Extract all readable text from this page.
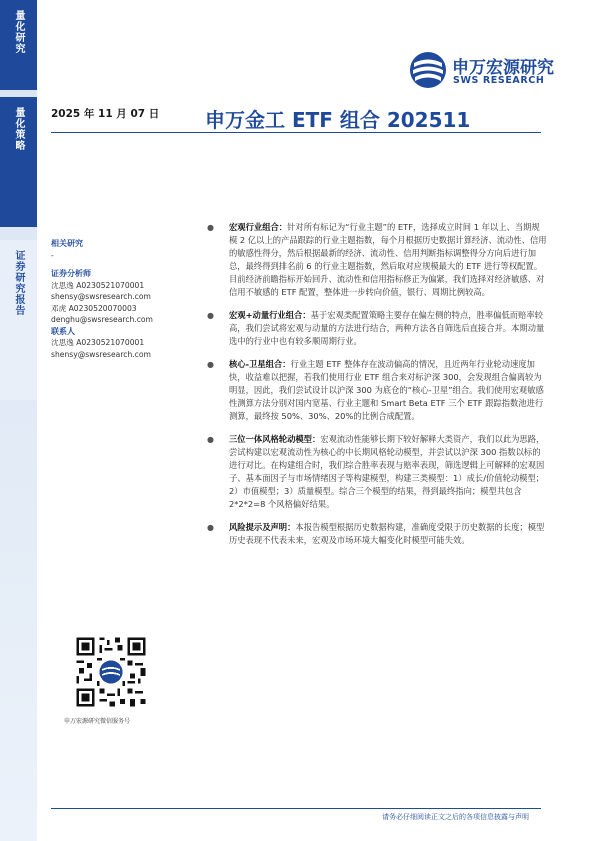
量化研究
量化策略
证券研究报告
申万宏源研究
SWS RESEARCH
2025 年 11 月 07 日 申万金工 ETF 组合 202511
相关研究
-
证券分析师
沈思逸 A0230521070001
shensy@swsresearch.com
邓虎 A0230520070003
denghu@swsresearch.com
联系人
沈思逸 A0230521070001
shensy@swsresearch.com
● 宏观行业组合：针对所有标记为“行业主题”的 ETF，选择成立时间 1 年以上、当期规模 2 亿以上的产品跟踪的行业主题指数，每个月根据历史数据计算经济、流动性、信用的敏感性得分，然后根据最新的经济、流动性、信用判断指标调整得分方向后进行加总，最终得到排名前 6 的行业主题指数，然后取对应规模最大的 ETF 进行等权配置。目前经济前瞻指标开始回升、流动性和信用指标修正为偏紧，我们选择对经济敏感、对信用不敏感的 ETF 配置，整体进一步转向价值，银行、周期比例较高。
● 宏观+动量行业组合：基于宏观类配置策略主要存在偏左侧的特点，胜率偏低而赔率较高，我们尝试将宏观与动量的方法进行结合，两种方法各自筛选后直接合并。本期动量选中的行业中也有较多顺周期行业。
● 核心-卫星组合：行业主题 ETF 整体存在波动偏高的情况，且近两年行业轮动速度加快，收益难以把握，若我们使用行业 ETF 组合来对标沪深 300，会发现组合偏离较为明显，因此，我们尝试设计以沪深 300 为底仓的“核心-卫星”组合。我们使用宏观敏感性测算方法分别对国内宽基、行业主题和 Smart Beta ETF 三个 ETF 跟踪指数池进行测算，最终按 50%、30%、20%的比例合成配置。
● 三位一体风格轮动模型：宏观流动性能够长期下较好解释大类资产，我们以此为思路，尝试构建以宏观流动性为核心的中长期风格轮动模型，并尝试以沪深 300 指数以标的进行对比。在构建组合时，我们综合胜率表现与赔率表现，筛选逻辑上可解释的宏观因子、基本面因子与市场情绪因子等构建模型，构建三类模型：1）成长/价值轮动模型；2）市值模型；3）质量模型。综合三个模型的结果，得到最终指向；模型共包含 2*2*2=8 个风格偏好结果。
● 风险提示及声明：本报告模型根据历史数据构建，准确度受限于历史数据的长度；模型历史表现不代表未来，宏观及市场环境大幅变化时模型可能失效。
申万宏源研究微信服务号
请务必仔细阅读正文之后的各项信息披露与声明
